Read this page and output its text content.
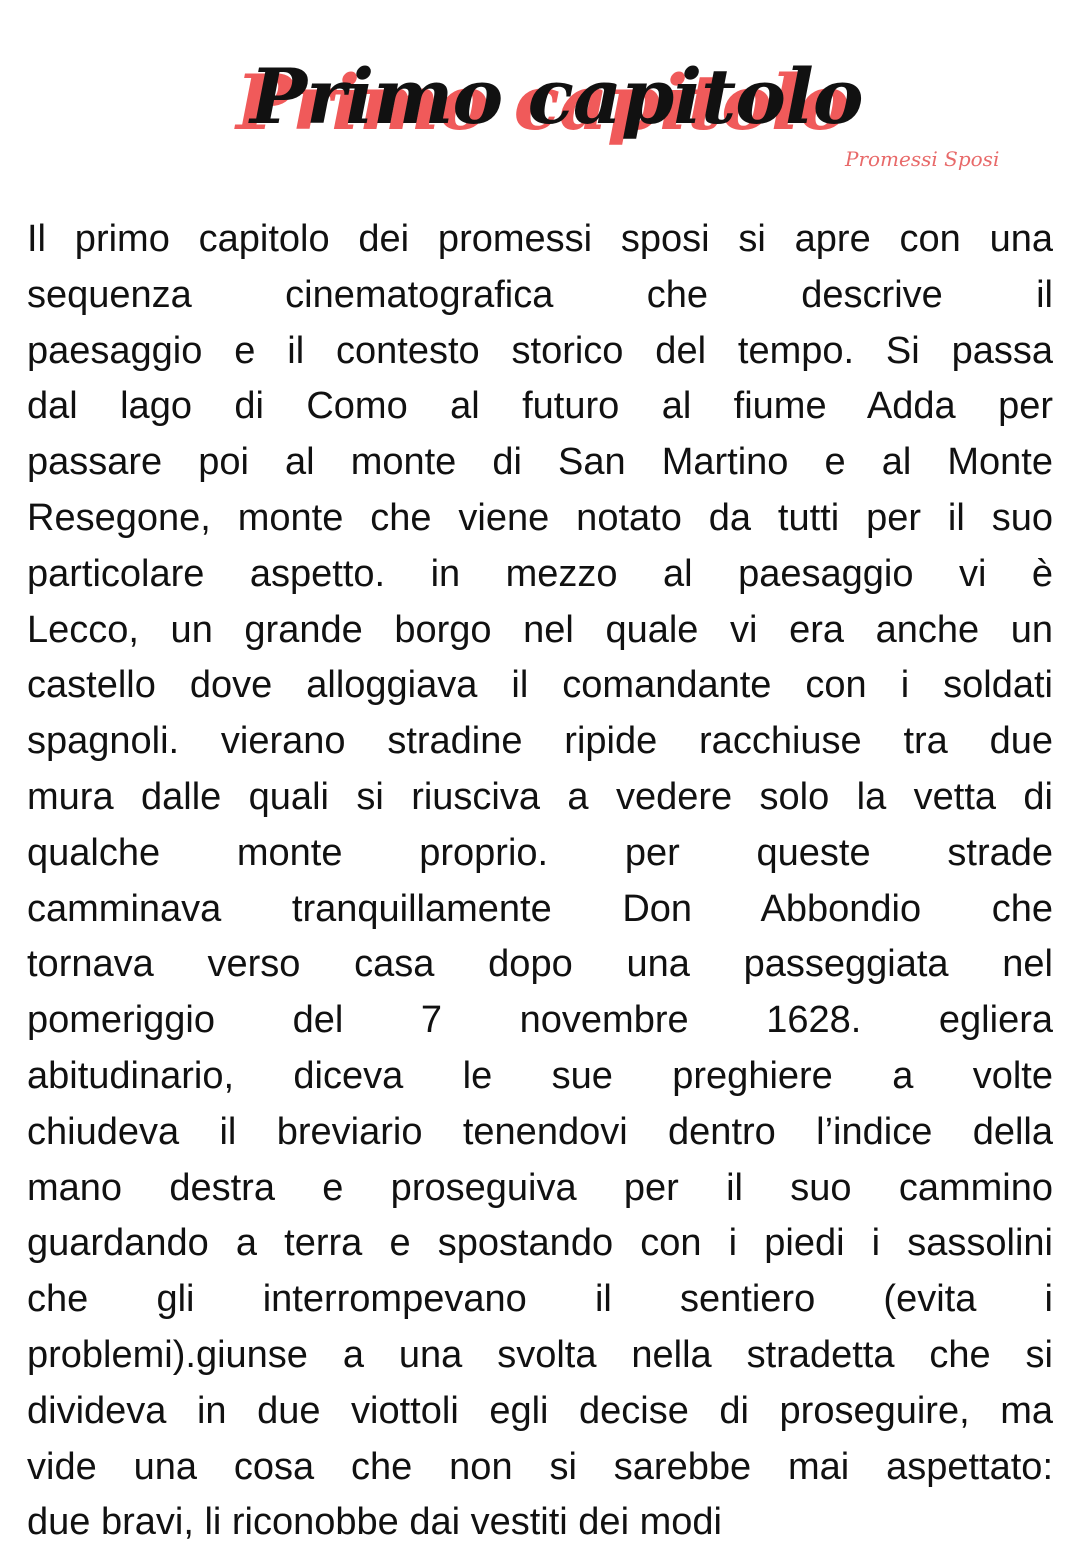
Primo capitolo
Promessi Sposi
Il primo capitolo dei promessi sposi si apre con una
sequenza cinematografica che descrive il
paesaggio e il contesto storico del tempo. Si passa
dal lago di Como al futuro al fiume Adda per
passare poi al monte di San Martino e al Monte
Resegone, monte che viene notato da tutti per il suo
particolare aspetto. in mezzo al paesaggio vi è
Lecco, un grande borgo nel quale vi era anche un
castello dove alloggiava il comandante con i soldati
spagnoli. vierano stradine ripide racchiuse tra due
mura dalle quali si riusciva a vedere solo la vetta di
qualche monte proprio. per queste strade
camminava tranquillamente Don Abbondio che
tornava verso casa dopo una passeggiata nel
pomeriggio del 7 novembre 1628. egliera
abitudinario, diceva le sue preghiere a volte
chiudeva il breviario tenendovi dentro l’indice della
mano destra e proseguiva per il suo cammino
guardando a terra e spostando con i piedi i sassolini
che gli interrompevano il sentiero (evita i
problemi).giunse a una svolta nella stradetta che si
divideva in due viottoli egli decise di proseguire, ma
vide una cosa che non si sarebbe mai aspettato:
due bravi, li riconobbe dai vestiti dei modi
